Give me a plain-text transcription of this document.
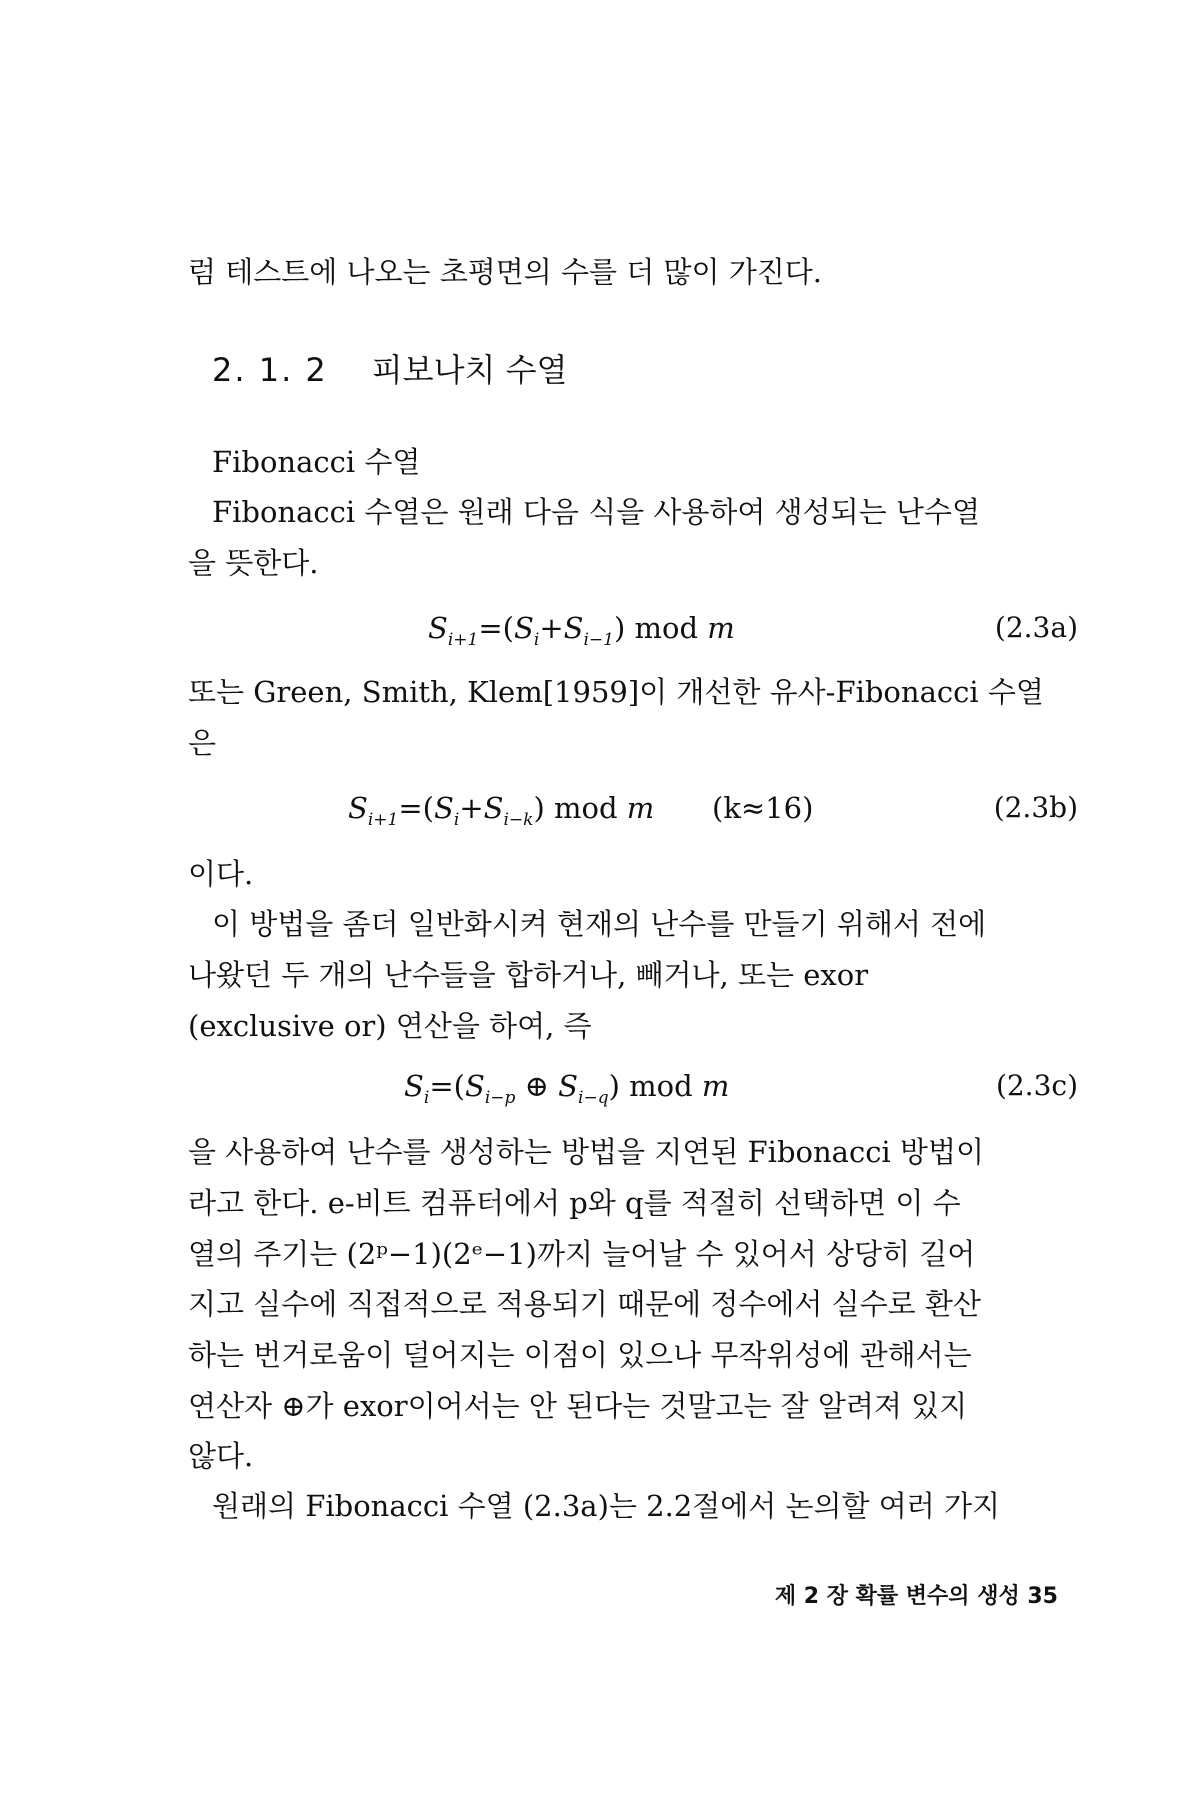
럼 테스트에 나오는 초평면의 수를 더 많이 가진다.
2. 1. 2 피보나치 수열
Fibonacci 수열
Fibonacci 수열은 원래 다음 식을 사용하여 생성되는 난수열
을 뜻한다.
$S_{i+1}=(S_i+S_{i-1})$ mod m	(2.3a)
또는 Green, Smith, Klem[1959]이 개선한 유사-Fibonacci 수열
은
$S_{i+1}=(S_i+S_{i-k})$ mod m (k≈16)	(2.3b)
이다.
이 방법을 좀더 일반화시켜 현재의 난수를 만들기 위해서 전에
나왔던 두 개의 난수들을 합하거나, 빼거나, 또는 exor
(exclusive or) 연산을 하여, 즉
$S_i=(S_{i-p}$ ⊕ $S_{i-q}$) mod m	(2.3c)
을 사용하여 난수를 생성하는 방법을 지연된 Fibonacci 방법이
라고 한다. e-비트 컴퓨터에서 p와 q를 적절히 선택하면 이 수
열의 주기는 (2ᵖ−1)(2ᵉ−1)까지 늘어날 수 있어서 상당히 길어
지고 실수에 직접적으로 적용되기 때문에 정수에서 실수로 환산
하는 번거로움이 덜어지는 이점이 있으나 무작위성에 관해서는
연산자 ⊕가 exor이어서는 안 된다는 것말고는 잘 알려져 있지
않다.
원래의 Fibonacci 수열 (2.3a)는 2.2절에서 논의할 여러 가지
제 2 장 확률 변수의 생성 35
